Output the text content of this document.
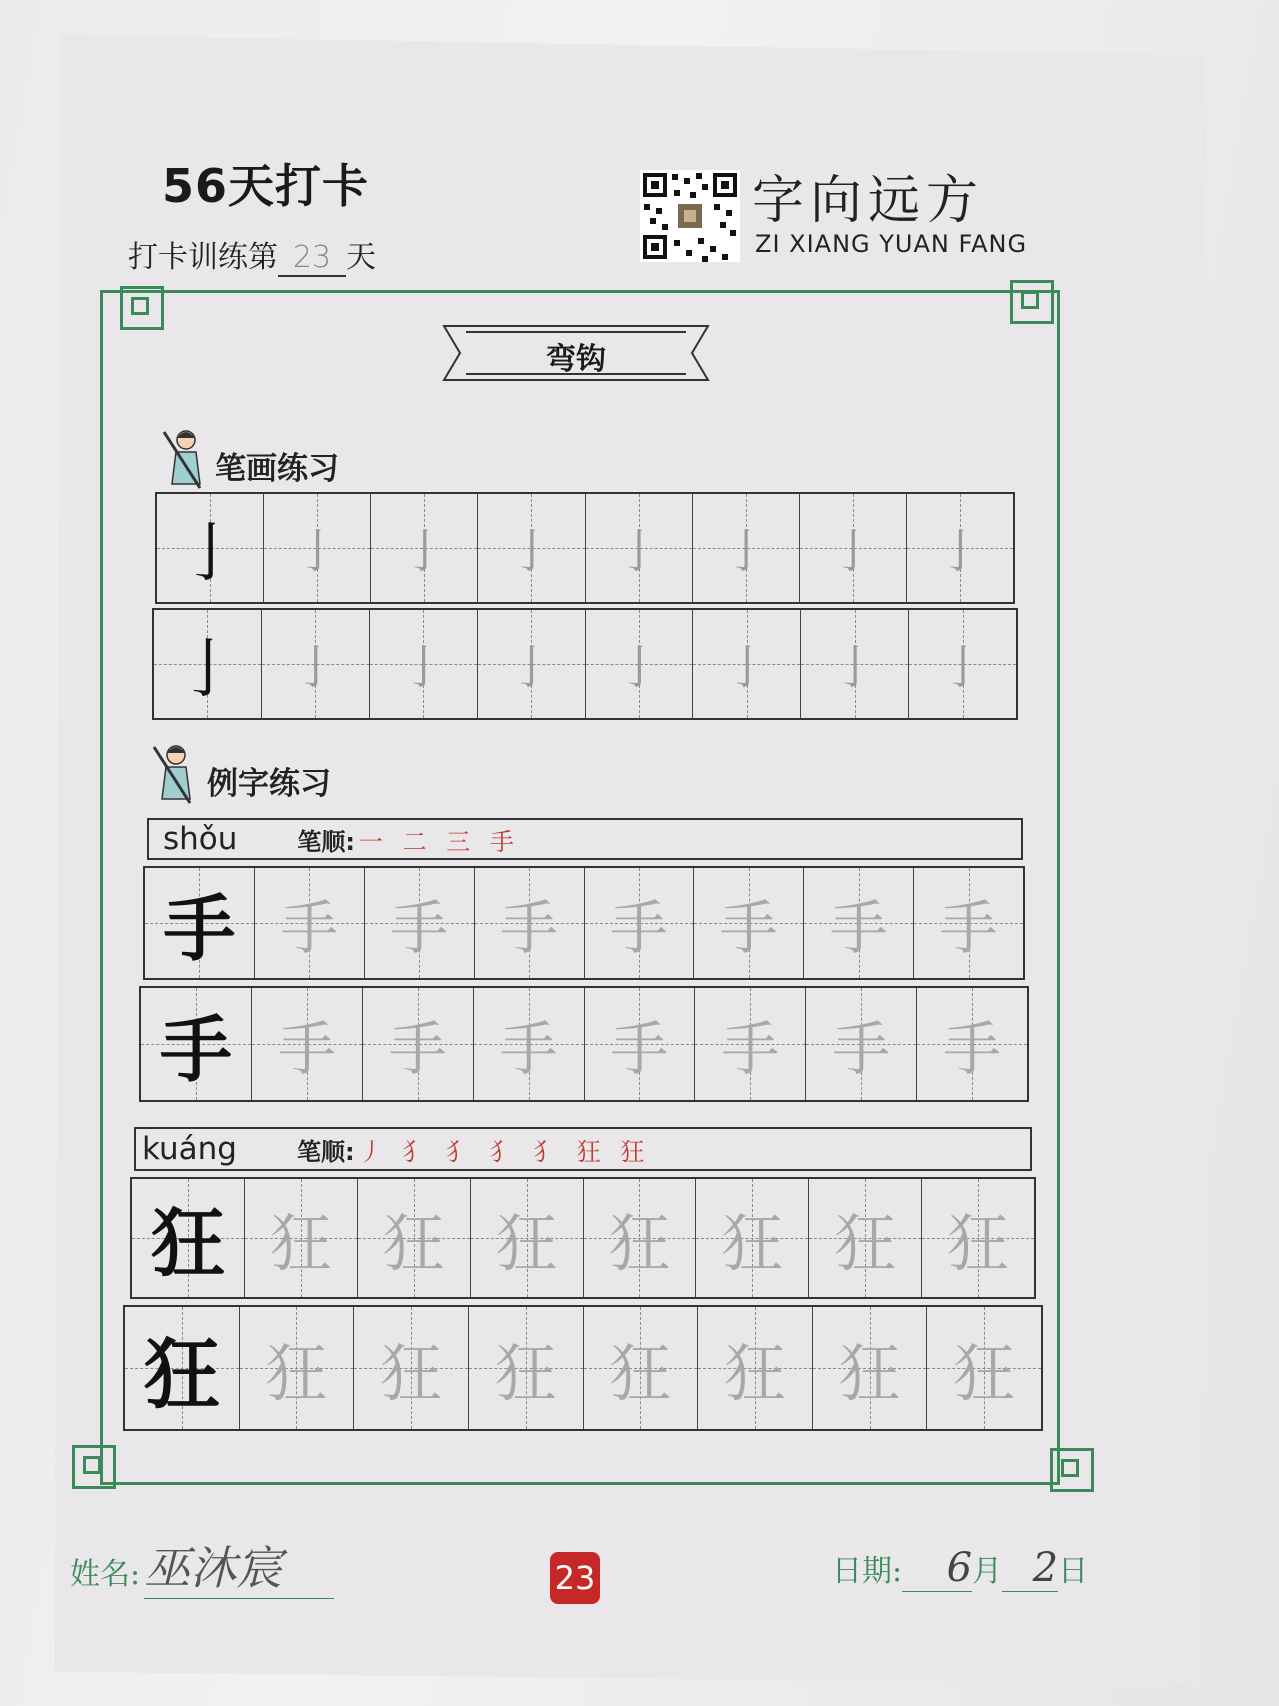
56天打卡
打卡训练第 23 天
字向远方
ZI XIANG YUAN FANG
弯钩
笔画练习
亅	亅	亅	亅	亅	亅	亅	亅
亅	亅	亅	亅	亅	亅	亅	亅
例字练习
shǒu	笔顺: 一 二 三 手
手 手 手 手 手 手 手 手
手 手 手 手 手 手 手 手
kuáng	笔顺: 丿 犭 犭 犭 犭 狂 狂
狂 狂 狂 狂 狂 狂 狂 狂
狂 狂 狂 狂 狂 狂 狂 狂
姓名:巫沐宸	23	日期: 6月 2日
